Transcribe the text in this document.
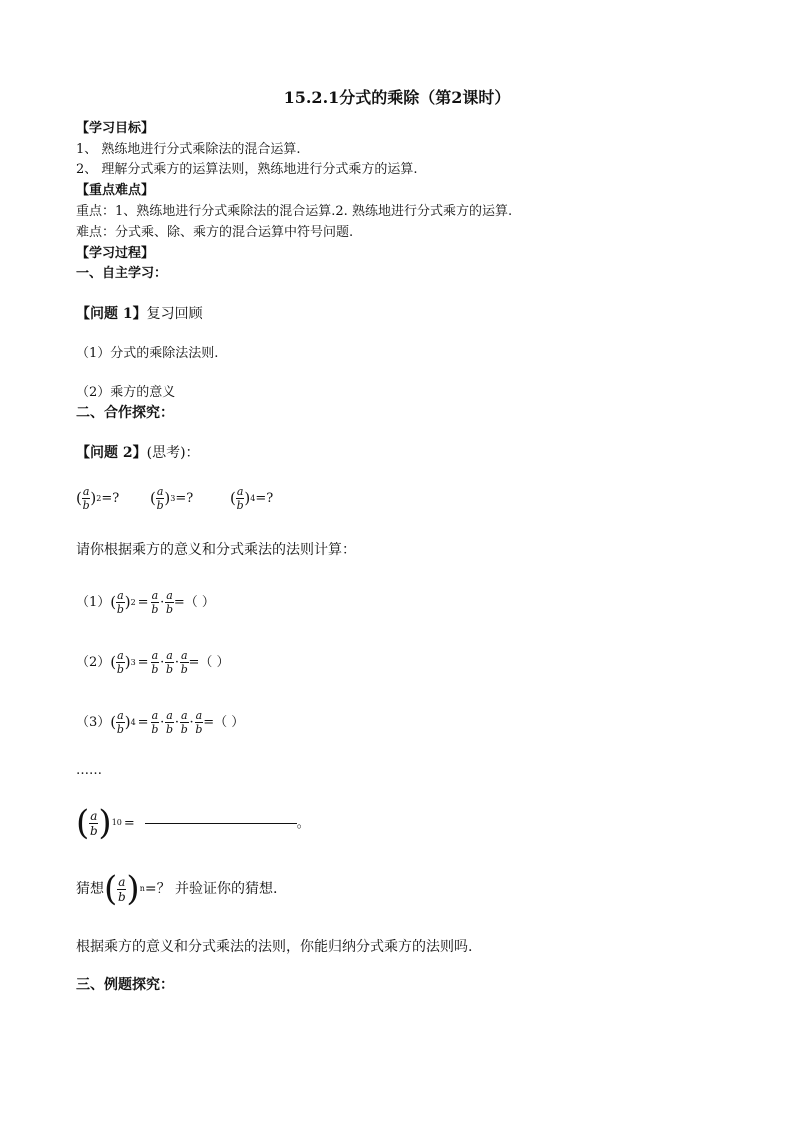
15.2.1分式的乘除（第2课时）
【学习目标】
1、 熟练地进行分式乘除法的混合运算.
2、 理解分式乘方的运算法则，熟练地进行分式乘方的运算.
【重点难点】
重点：1、熟练地进行分式乘除法的混合运算.2. 熟练地进行分式乘方的运算.
难点：分式乘、除、乘方的混合运算中符号问题.
【学习过程】
一、自主学习：
【问题 1】复习回顾
（1）分式的乘除法法则.
（2）乘方的意义
二、合作探究：
【问题 2】(思考)：
( $\frac{a}{b}$ ) 2 =? ( $\frac{a}{b}$ ) 3 =? ( $\frac{a}{b}$ ) 4 =?
请你根据乘方的意义和分式乘法的法则计算：
（1） ( $\frac{a}{b}$ ) $2 = \frac{a}{b} \cdot \frac{a}{b}$ =（ ）
（2） ( $\frac{a}{b}$ ) $3 = \frac{a}{b} \cdot \frac{a}{b} \cdot \frac{a}{b}$ =（ ）
（3） ( $\frac{a}{b}$ ) $4 = \frac{a}{b} \cdot \frac{a}{b} \cdot \frac{a}{b} \cdot \frac{a}{b}$ =（ ）
……
( $\frac{a}{b}$ ) 10 =	。
猜想 ( $\frac{a}{b}$ ) n =？ 并验证你的猜想.
根据乘方的意义和分式乘法的法则，你能归纳分式乘方的法则吗.
三、例题探究：
